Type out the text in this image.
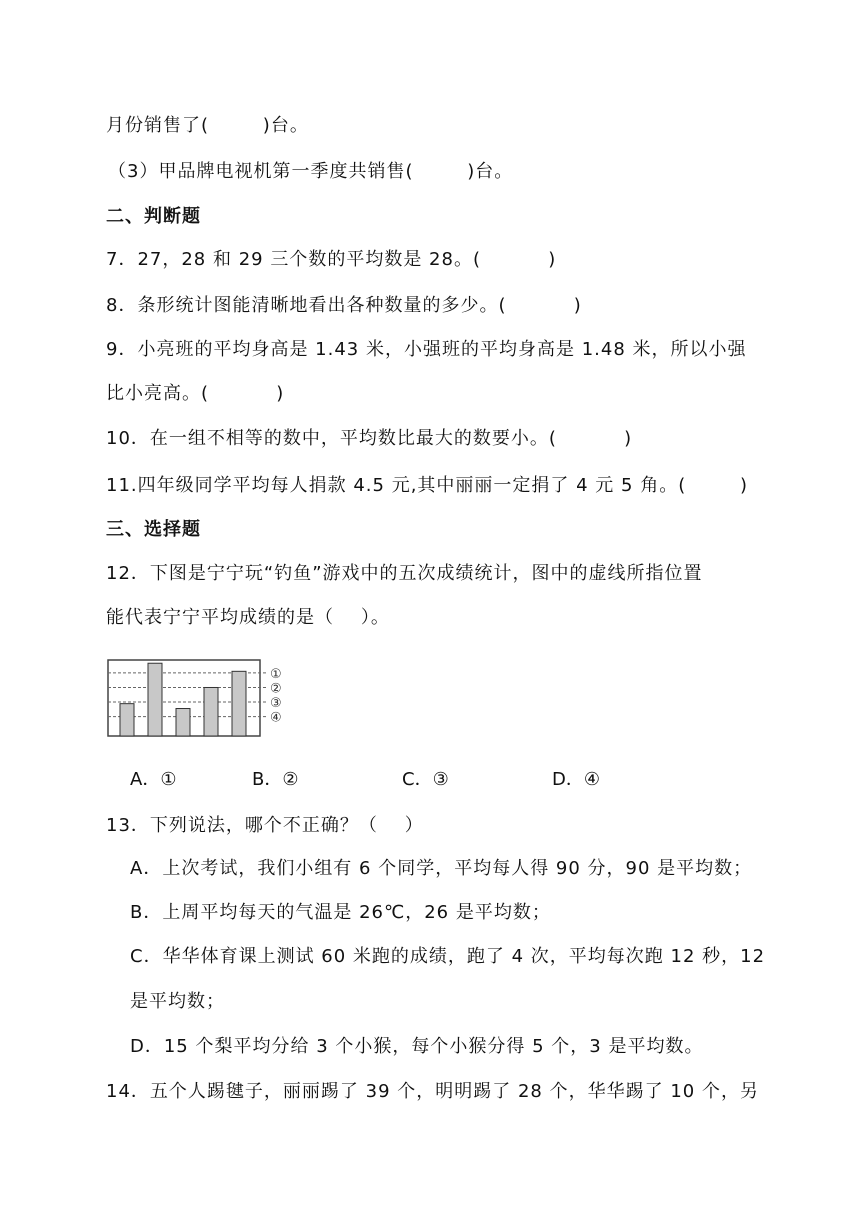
月份销售了(        )台。
（3）甲品牌电视机第一季度共销售(        )台。
二、判断题
7．27，28 和 29 三个数的平均数是 28。(          )
8．条形统计图能清晰地看出各种数量的多少。(          )
9．小亮班的平均身高是 1.43 米，小强班的平均身高是 1.48 米，所以小强
比小亮高。(          )
10．在一组不相等的数中，平均数比最大的数要小。(          )
11.四年级同学平均每人捐款 4.5 元,其中丽丽一定捐了 4 元 5 角。(        )
三、选择题
12．下图是宁宁玩“钓鱼”游戏中的五次成绩统计，图中的虚线所指位置
能代表宁宁平均成绩的是（    ）。
13．下列说法，哪个不正确？（    ）
A．上次考试，我们小组有 6 个同学，平均每人得 90 分，90 是平均数；
B．上周平均每天的气温是 26℃，26 是平均数；
C．华华体育课上测试 60 米跑的成绩，跑了 4 次，平均每次跑 12 秒，12
是平均数；
D．15 个梨平均分给 3 个小猴，每个小猴分得 5 个，3 是平均数。
14．五个人踢毽子，丽丽踢了 39 个，明明踢了 28 个，华华踢了 10 个，另
A．①	B．②	C．③	D．④
①
②
③
④
